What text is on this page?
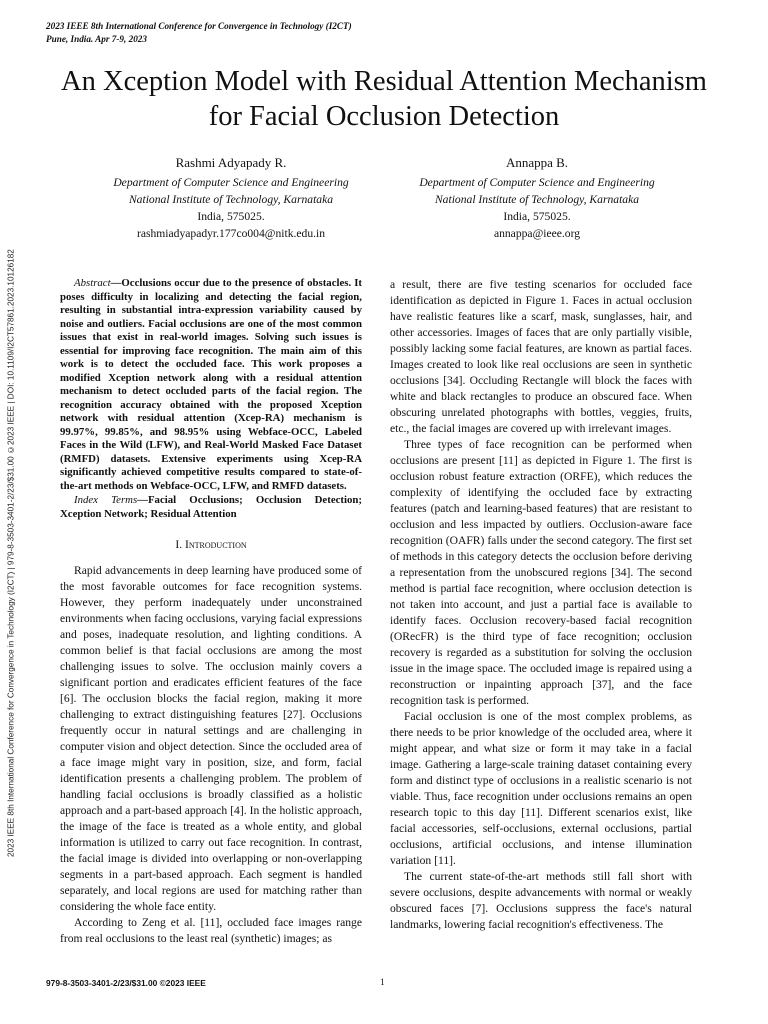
2023 IEEE 8th International Conference for Convergence in Technology (I2CT)
Pune, India. Apr 7-9, 2023
2023 IEEE 8th International Conference for Convergence in Technology (I2CT) | 979-8-3503-3401-2/23/$31.00 ©2023 IEEE | DOI: 10.1109/I2CT57861.2023.10126182
An Xception Model with Residual Attention Mechanism for Facial Occlusion Detection
Rashmi Adyapady R.
Department of Computer Science and Engineering
National Institute of Technology, Karnataka
India, 575025.
rashmiadyapadyr.177co004@nitk.edu.in
Annappa B.
Department of Computer Science and Engineering
National Institute of Technology, Karnataka
India, 575025.
annappa@ieee.org

Abstract—Occlusions occur due to the presence of obstacles. It poses difficulty in localizing and detecting the facial region, resulting in substantial intra-expression variability caused by noise and outliers. Facial occlusions are one of the most common issues that exist in real-world images. Solving such issues is essential for improving face recognition. The main aim of this work is to detect the occluded face. This work proposes a modified Xception network along with a residual attention mechanism to detect occluded parts of the facial region. The recognition accuracy obtained with the proposed Xception network with residual attention (Xcep-RA) mechanism is 99.97%, 99.85%, and 98.95% using Webface-OCC, Labeled Faces in the Wild (LFW), and Real-World Masked Face Dataset (RMFD) datasets. Extensive experiments using Xcep-RA significantly achieved competitive results compared to state-of-the-art methods on Webface-OCC, LFW, and RMFD datasets.

Index Terms—Facial Occlusions; Occlusion Detection; Xception Network; Residual Attention

I. Introduction

Rapid advancements in deep learning have produced some of the most favorable outcomes for face recognition systems. However, they perform inadequately under unconstrained environments when facing occlusions, varying facial expressions and poses, inadequate resolution, and lighting conditions. A common belief is that facial occlusions are among the most challenging issues to solve. The occlusion mainly covers a significant portion and eradicates efficient features of the face [6]. The occlusion blocks the facial region, making it more challenging to extract distinguishing features [27]. Occlusions frequently occur in natural settings and are challenging in computer vision and object detection. Since the occluded area of a face image might vary in position, size, and form, facial identification presents a challenging problem. The problem of handling facial occlusions is broadly classified as a holistic approach and a part-based approach [4]. In the holistic approach, the image of the face is treated as a whole entity, and global information is utilized to carry out face recognition. In contrast, the facial image is divided into overlapping or non-overlapping segments in a part-based approach. Each segment is handled separately, and local regions are used for matching rather than considering the whole face entity.

According to Zeng et al. [11], occluded face images range from real occlusions to the least real (synthetic) images; as

a result, there are five testing scenarios for occluded face identification as depicted in Figure 1. Faces in actual occlusion have realistic features like a scarf, mask, sunglasses, hair, and other accessories. Images of faces that are only partially visible, possibly lacking some facial features, are known as partial faces. Images created to look like real occlusions are seen in synthetic occlusions [34]. Occluding Rectangle will block the faces with white and black rectangles to produce an obscured face. When obscuring unrelated photographs with bottles, veggies, fruits, etc., the facial images are covered up with irrelevant images.

Three types of face recognition can be performed when occlusions are present [11] as depicted in Figure 1. The first is occlusion robust feature extraction (ORFE), which reduces the complexity of identifying the occluded face by extracting features (patch and learning-based features) that are resistant to occlusion and less impacted by outliers. Occlusion-aware face recognition (OAFR) falls under the second category. The first set of methods in this category detects the occlusion before deriving a representation from the unobscured regions [34]. The second method is partial face recognition, where occlusion detection is not taken into account, and just a partial face is available to identify faces. Occlusion recovery-based facial recognition (ORecFR) is the third type of face recognition; occlusion recovery is regarded as a substitution for solving the occlusion issue in the image space. The occluded image is repaired using a reconstruction or inpainting approach [37], and the face recognition task is performed.

Facial occlusion is one of the most complex problems, as there needs to be prior knowledge of the occluded area, where it might appear, and what size or form it may take in a facial image. Gathering a large-scale training dataset containing every form and distinct type of occlusions in a realistic scenario is not viable. Thus, face recognition under occlusions remains an open research topic to this day [11]. Different scenarios exist, like facial accessories, self-occlusions, external occlusions, partial occlusions, artificial occlusions, and intense illumination variation [11].

The current state-of-the-art methods still fall short with severe occlusions, despite advancements with normal or weakly obscured faces [7]. Occlusions suppress the face's natural landmarks, lowering facial recognition's effectiveness. The

979-8-3503-3401-2/23/$31.00 ©2023 IEEE	1
